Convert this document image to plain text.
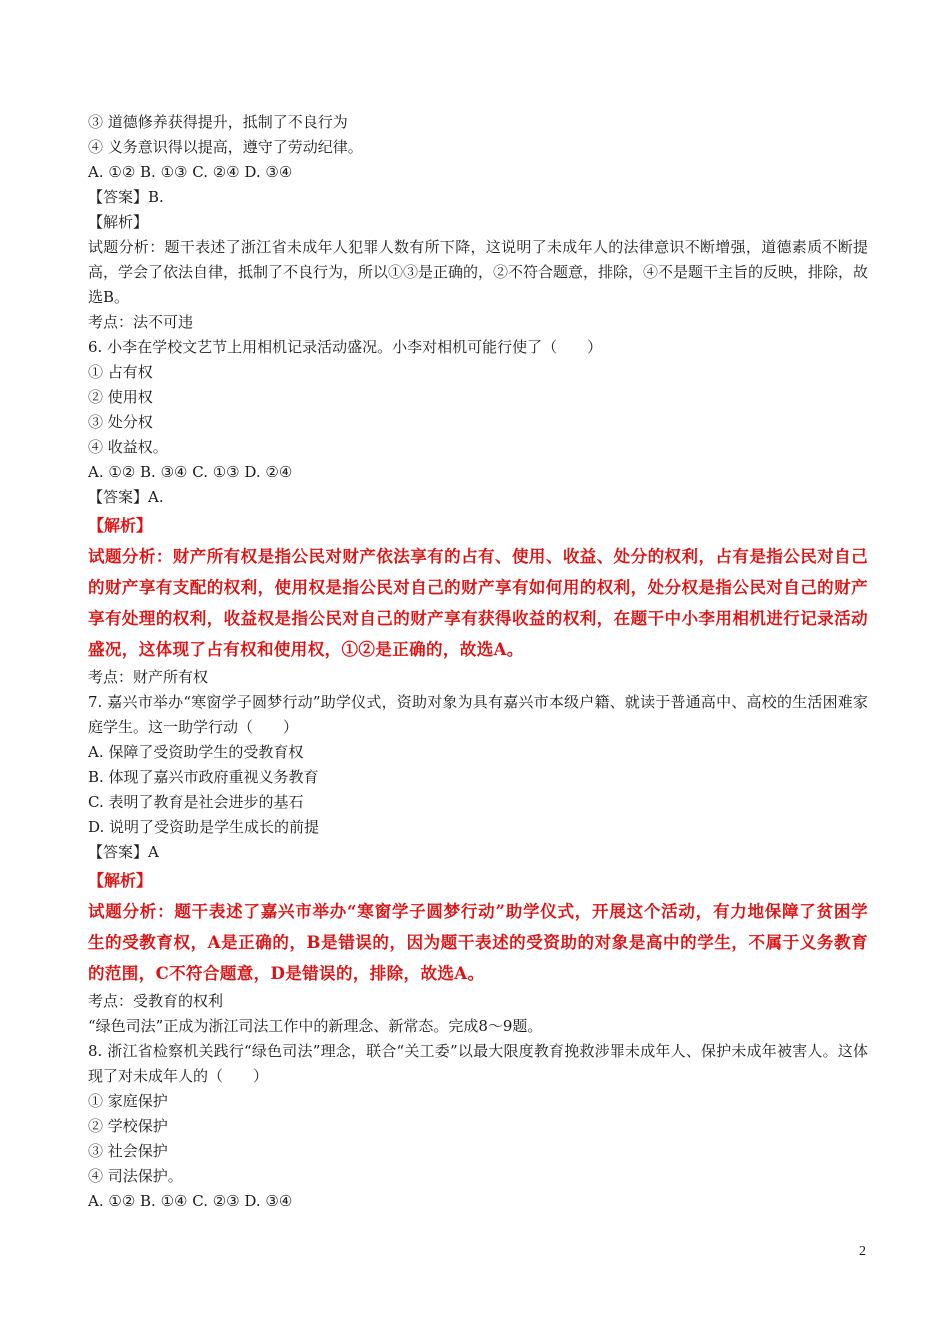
③ 道德修养获得提升，抵制了不良行为
④ 义务意识得以提高，遵守了劳动纪律。
A. ①② B. ①③ C. ②④ D. ③④
【答案】B.
【解析】
试题分析：题干表述了浙江省未成年人犯罪人数有所下降，这说明了未成年人的法律意识不断增强，道德素质不断提高，学会了依法自律，抵制了不良行为，所以①③是正确的，②不符合题意，排除，④不是题干主旨的反映，排除，故选B。
考点：法不可违
6. 小李在学校文艺节上用相机记录活动盛况。小李对相机可能行使了（　　）
① 占有权
② 使用权
③ 处分权
④ 收益权。
A. ①② B. ③④ C. ①③ D. ②④
【答案】A.
【解析】
试题分析：财产所有权是指公民对财产依法享有的占有、使用、收益、处分的权利，占有是指公民对自己的财产享有支配的权利，使用权是指公民对自己的财产享有如何用的权利，处分权是指公民对自己的财产享有处理的权利，收益权是指公民对自己的财产享有获得收益的权利，在题干中小李用相机进行记录活动盛况，这体现了占有权和使用权，①②是正确的，故选A。
考点：财产所有权
7. 嘉兴市举办“寒窗学子圆梦行动”助学仪式，资助对象为具有嘉兴市本级户籍、就读于普通高中、高校的生活困难家庭学生。这一助学行动（　　）
A. 保障了受资助学生的受教育权
B. 体现了嘉兴市政府重视义务教育
C. 表明了教育是社会进步的基石
D. 说明了受资助是学生成长的前提
【答案】A
【解析】
试题分析：题干表述了嘉兴市举办“寒窗学子圆梦行动”助学仪式，开展这个活动，有力地保障了贫困学生的受教育权，A是正确的，B是错误的，因为题干表述的受资助的对象是高中的学生，不属于义务教育的范围，C不符合题意，D是错误的，排除，故选A。
考点：受教育的权利
“绿色司法”正成为浙江司法工作中的新理念、新常态。完成8～9题。
8. 浙江省检察机关践行“绿色司法”理念，联合“关工委”以最大限度教育挽救涉罪未成年人、保护未成年被害人。这体现了对未成年人的（　　）
① 家庭保护
② 学校保护
③ 社会保护
④ 司法保护。
A. ①② B. ①④ C. ②③ D. ③④
2
